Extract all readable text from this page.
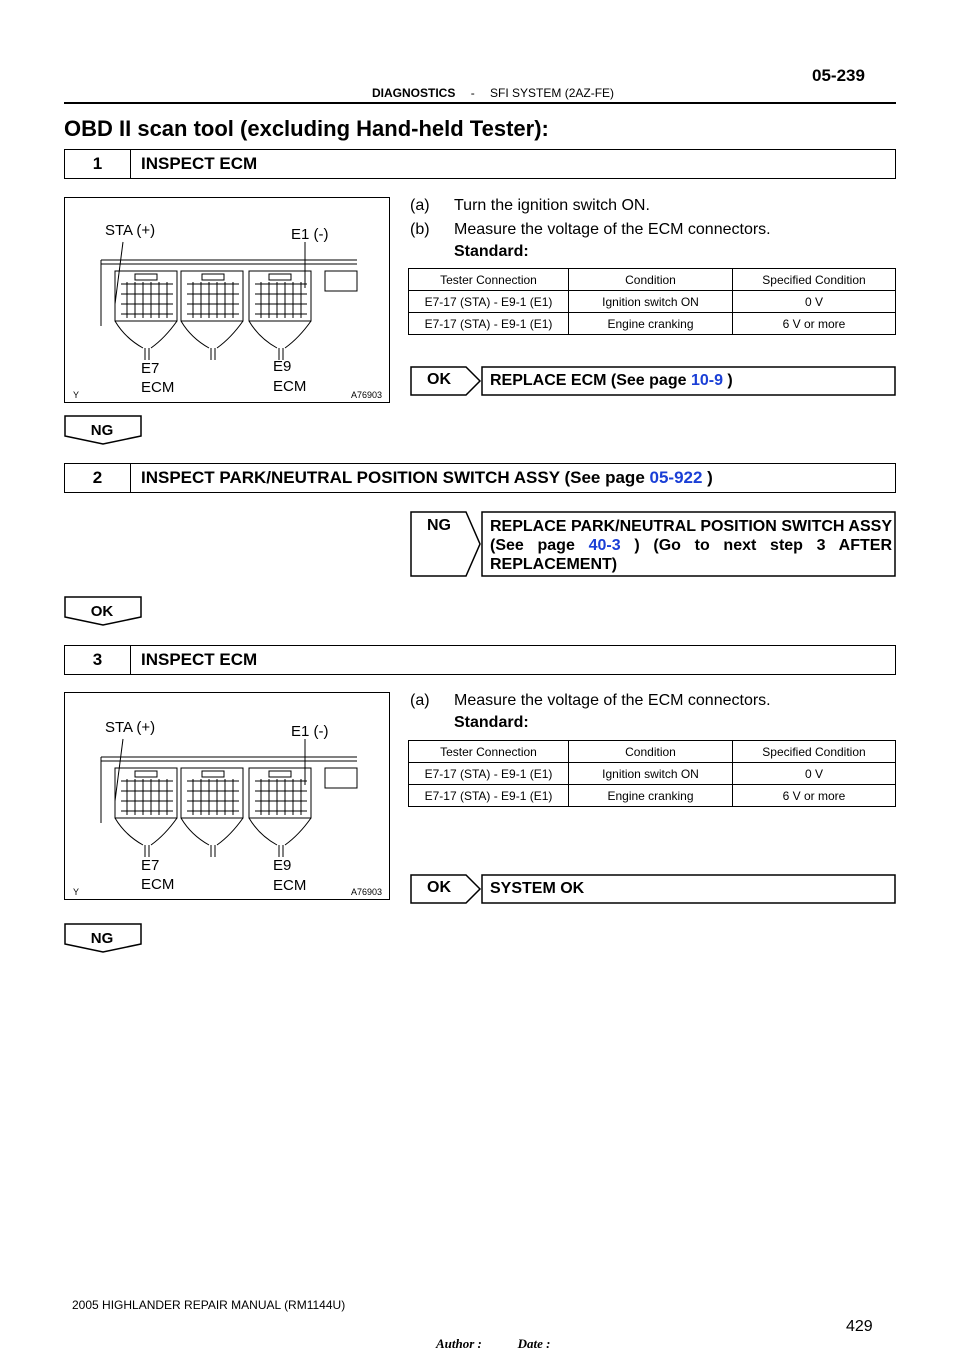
05-239
DIAGNOSTICS - SFI SYSTEM (2AZ-FE)
OBD II scan tool (excluding Hand-held Tester):
1	INSPECT ECM
STA (+)	E1 (-)
E7
ECM
E9
ECM
Y	A76903
(a) Turn the ignition switch ON.
(b) Measure the voltage of the ECM connectors.
Standard:
Tester Connection	Condition	Specified Condition
E7-17 (STA) - E9-1 (E1)	Ignition switch ON	0 V
E7-17 (STA) - E9-1 (E1)	Engine cranking	6 V or more
OK	REPLACE ECM (See page 10-9 )
NG
2	INSPECT PARK/NEUTRAL POSITION SWITCH ASSY (See page 05-922 )
NG	REPLACE PARK/NEUTRAL POSITION SWITCH ASSY (See page 40-3 ) (Go to next step 3 AFTER REPLACEMENT)
OK
3	INSPECT ECM
STA (+)	E1 (-)
E7
ECM
E9
ECM
Y	A76903
(a) Measure the voltage of the ECM connectors.
Standard:
Tester Connection	Condition	Specified Condition
E7-17 (STA) - E9-1 (E1)	Ignition switch ON	0 V
E7-17 (STA) - E9-1 (E1)	Engine cranking	6 V or more
OK	SYSTEM OK
NG
2005 HIGHLANDER REPAIR MANUAL (RM1144U)
429
Author :           Date :
